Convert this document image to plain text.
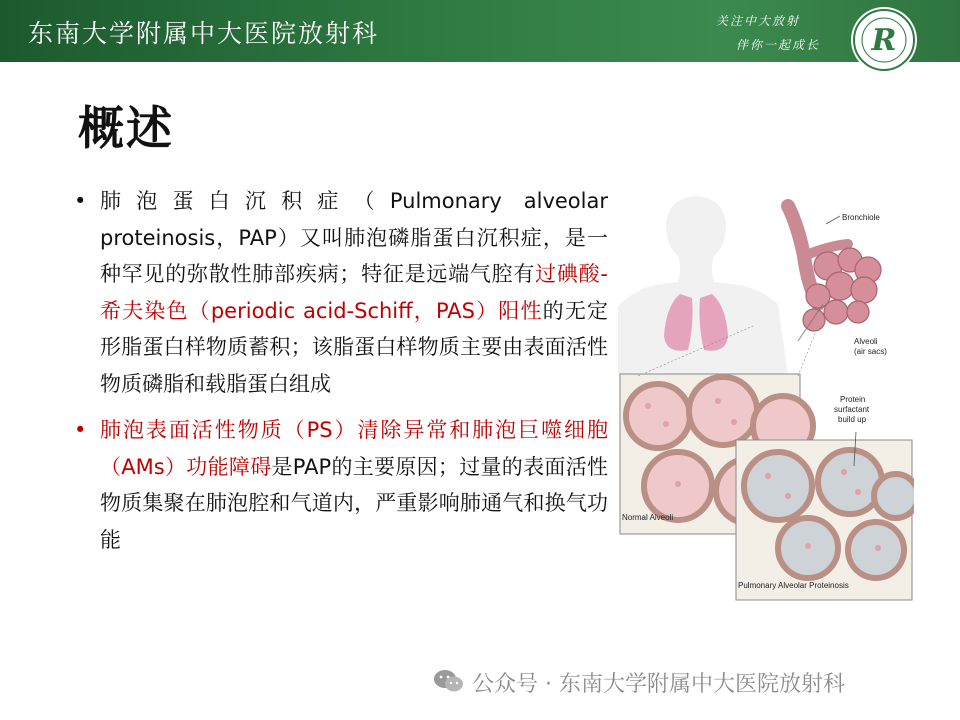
东南大学附属中大医院放射科	关注中大放射
伴你一起成长 R
概述
• 肺泡蛋白沉积症（Pulmonary alveolar proteinosis，PAP）又叫肺泡磷脂蛋白沉积症，是一种罕见的弥散性肺部疾病；特征是远端气腔有过碘酸-希夫染色（periodic acid-Schiff，PAS）阳性的无定形脂蛋白样物质蓄积；该脂蛋白样物质主要由表面活性物质磷脂和载脂蛋白组成
• 肺泡表面活性物质（PS）清除异常和肺泡巨噬细胞（AMs）功能障碍是PAP的主要原因；过量的表面活性物质集聚在肺泡腔和气道内，严重影响肺通气和换气功能
Bronchiole
Alveoli
(air sacs)
Normal Alveoli
Protein
surfactant
build up
Pulmonary Alveolar Proteinosis
公众号 · 东南大学附属中大医院放射科
